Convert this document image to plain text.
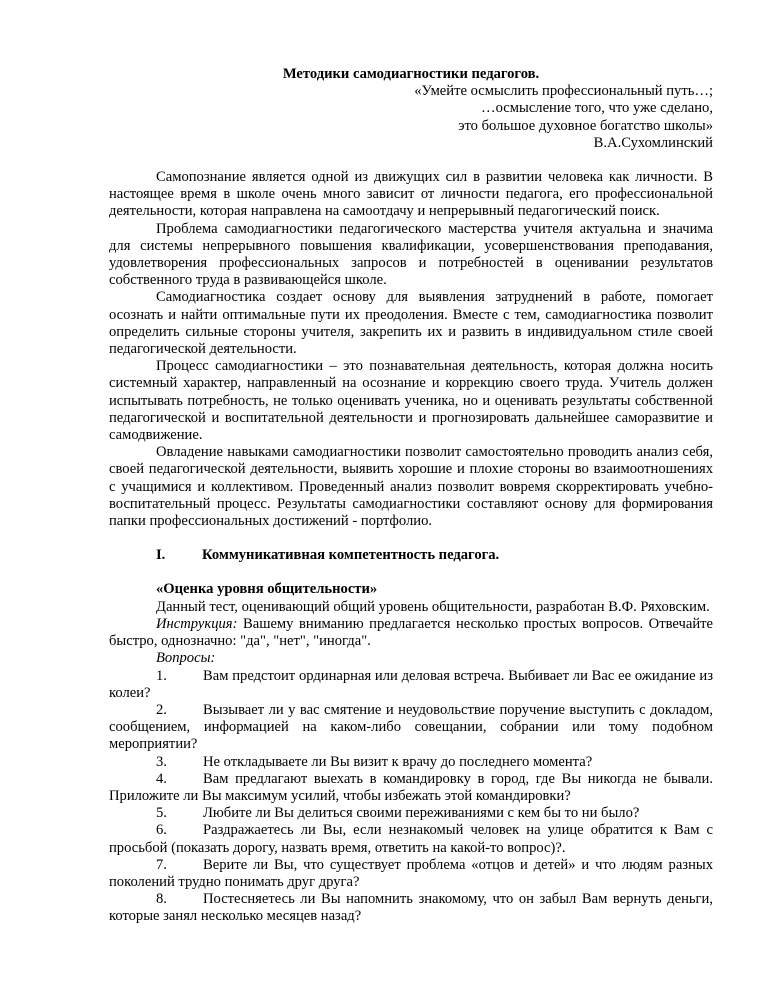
Методики самодиагностики педагогов.

«Умейте осмыслить профессиональный путь…;

…осмысление того, что уже сделано,

это большое духовное богатство школы»

В.А.Сухомлинский

Самопознание является одной из движущих сил в развитии человека как личности. В настоящее время в школе очень много зависит от личности педагога, его профессиональной деятельности, которая направлена на самоотдачу и непрерывный педагогический поиск.

Проблема самодиагностики педагогического мастерства учителя актуальна и значима для системы непрерывного повышения квалификации, усовершенствования преподавания, удовлетворения профессиональных запросов и потребностей в оценивании результатов собственного труда в развивающейся школе.

Самодиагностика создает основу для выявления затруднений в работе, помогает осознать и найти оптимальные пути их преодоления. Вместе с тем, самодиагностика позволит определить сильные стороны учителя, закрепить их и развить в индивидуальном стиле своей педагогической деятельности.

Процесс самодиагностики – это познавательная деятельность, которая должна носить системный характер, направленный на осознание и коррекцию своего труда. Учитель должен испытывать потребность, не только оценивать ученика, но и оценивать результаты собственной педагогической и воспитательной деятельности и прогнозировать дальнейшее саморазвитие и самодвижение.

Овладение навыками самодиагностики позволит самостоятельно проводить анализ себя, своей педагогической деятельности, выявить хорошие и плохие стороны во взаимоотношениях с учащимися и коллективом. Проведенный анализ позволит вовремя скорректировать учебно-воспитательный процесс. Результаты самодиагностики составляют основу для формирования папки профессиональных достижений - портфолио.

I.	Коммуникативная компетентность педагога.

«Оценка уровня общительности»

Данный тест, оценивающий общий уровень общительности, разработан В.Ф. Ряховским.

Инструкция: Вашему вниманию предлагается несколько простых вопросов. Отвечайте быстро, однозначно: "да", "нет", "иногда".

Вопросы:

1. Вам предстоит ординарная или деловая встреча. Выбивает ли Вас ее ожидание из колеи?

2. Вызывает ли у вас смятение и неудовольствие поручение выступить с докладом, сообщением, информацией на каком-либо совещании, собрании или тому подобном мероприятии?

3. Не откладываете ли Вы визит к врачу до последнего момента?

4. Вам предлагают выехать в командировку в город, где Вы никогда не бывали. Приложите ли Вы максимум усилий, чтобы избежать этой командировки?

5. Любите ли Вы делиться своими переживаниями с кем бы то ни было?

6. Раздражаетесь ли Вы, если незнакомый человек на улице обратится к Вам с просьбой (показать дорогу, назвать время, ответить на какой-то вопрос)?.

7. Верите ли Вы, что существует проблема «отцов и детей» и что людям разных поколений трудно понимать друг друга?

8. Постесняетесь ли Вы напомнить знакомому, что он забыл Вам вернуть деньги, которые занял несколько месяцев назад?
